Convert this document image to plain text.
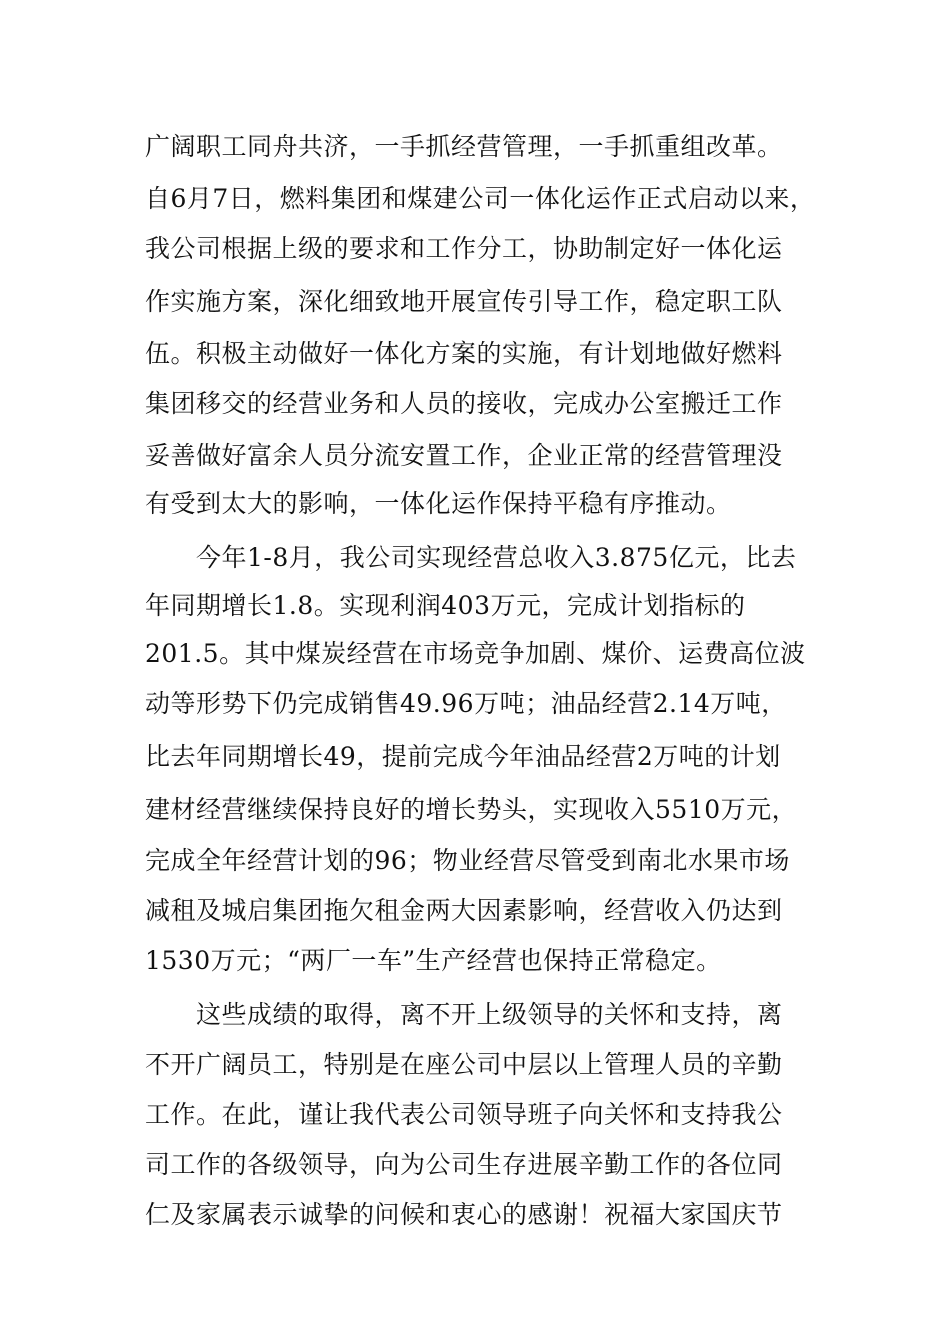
广阔职工同舟共济，一手抓经营管理，一手抓重组改革。
自6月7日，燃料集团和煤建公司一体化运作正式启动以来，
我公司根据上级的要求和工作分工，协助制定好一体化运
作实施方案，深化细致地开展宣传引导工作，稳定职工队
伍。积极主动做好一体化方案的实施，有计划地做好燃料
集团移交的经营业务和人员的接收，完成办公室搬迁工作
妥善做好富余人员分流安置工作，企业正常的经营管理没
有受到太大的影响，一体化运作保持平稳有序推动。
今年1-8月，我公司实现经营总收入3.875亿元，比去
年同期增长1.8。实现利润403万元，完成计划指标的
201.5。其中煤炭经营在市场竞争加剧、煤价、运费高位波
动等形势下仍完成销售49.96万吨；油品经营2.14万吨，
比去年同期增长49，提前完成今年油品经营2万吨的计划
建材经营继续保持良好的增长势头，实现收入5510万元，
完成全年经营计划的96；物业经营尽管受到南北水果市场
减租及城启集团拖欠租金两大因素影响，经营收入仍达到
1530万元；“两厂一车”生产经营也保持正常稳定。
这些成绩的取得，离不开上级领导的关怀和支持，离
不开广阔员工，特别是在座公司中层以上管理人员的辛勤
工作。在此，谨让我代表公司领导班子向关怀和支持我公
司工作的各级领导，向为公司生存进展辛勤工作的各位同
仁及家属表示诚挚的问候和衷心的感谢！祝福大家国庆节
